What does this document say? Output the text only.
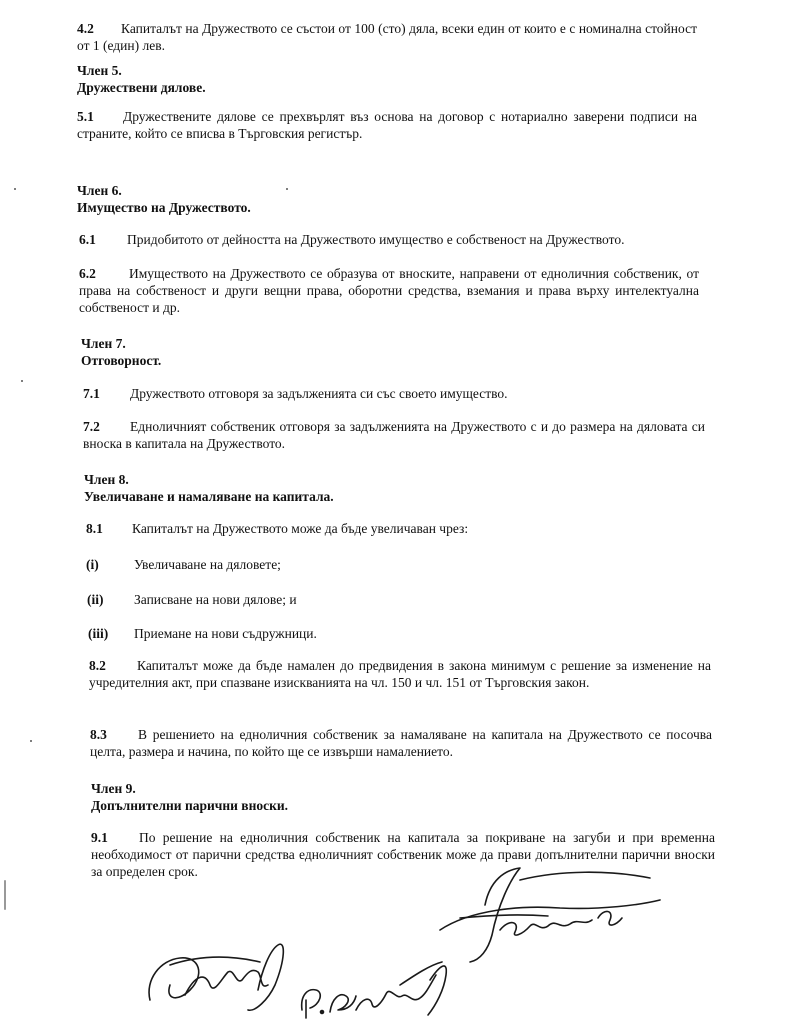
4.2 Капиталът на Дружеството се състои от 100 (сто) дяла, всеки един от които е с номинална стойност от 1 (един) лев.
Член 5.
Дружествени дялове.
5.1 Дружествените дялове се прехвърлят въз основа на договор с нотариално заверени подписи на страните, който се вписва в Търговския регистър.
Член 6.
Имущество на Дружеството.
6.1 Придобитото от дейността на Дружеството имущество е собственост на Дружеството.
6.2 Имуществото на Дружеството се образува от вноските, направени от едноличния собственик, от права на собственост и други вещни права, оборотни средства, вземания и права върху интелектуална собственост и др.
Член 7.
Отговорност.
7.1 Дружеството отговоря за задълженията си със своето имущество.
7.2 Едноличният собственик отговоря за задълженията на Дружеството с и до размера на дяловата си вноска в капитала на Дружеството.
Член 8.
Увеличаване и намаляване на капитала.
8.1 Капиталът на Дружеството може да бъде увеличаван чрез:
(i)	Увеличаване на дяловете;
(ii) Записване на нови дялове; и
(iii) Приемане на нови съдружници.
8.2 Капиталът може да бъде намален до предвидения в закона минимум с решение за изменение на учредителния акт, при спазване изискванията на чл. 150 и чл. 151 от Търговския закон.
8.3 В решението на едноличния собственик за намаляване на капитала на Дружеството се посочва целта, размера и начина, по който ще се извърши намалението.
Член 9.
Допълнителни парични вноски.
9.1 По решение на едноличния собственик на капитала за покриване на загуби и при временна необходимост от парични средства едноличният собственик може да прави допълнителни парични вноски за определен срок.
